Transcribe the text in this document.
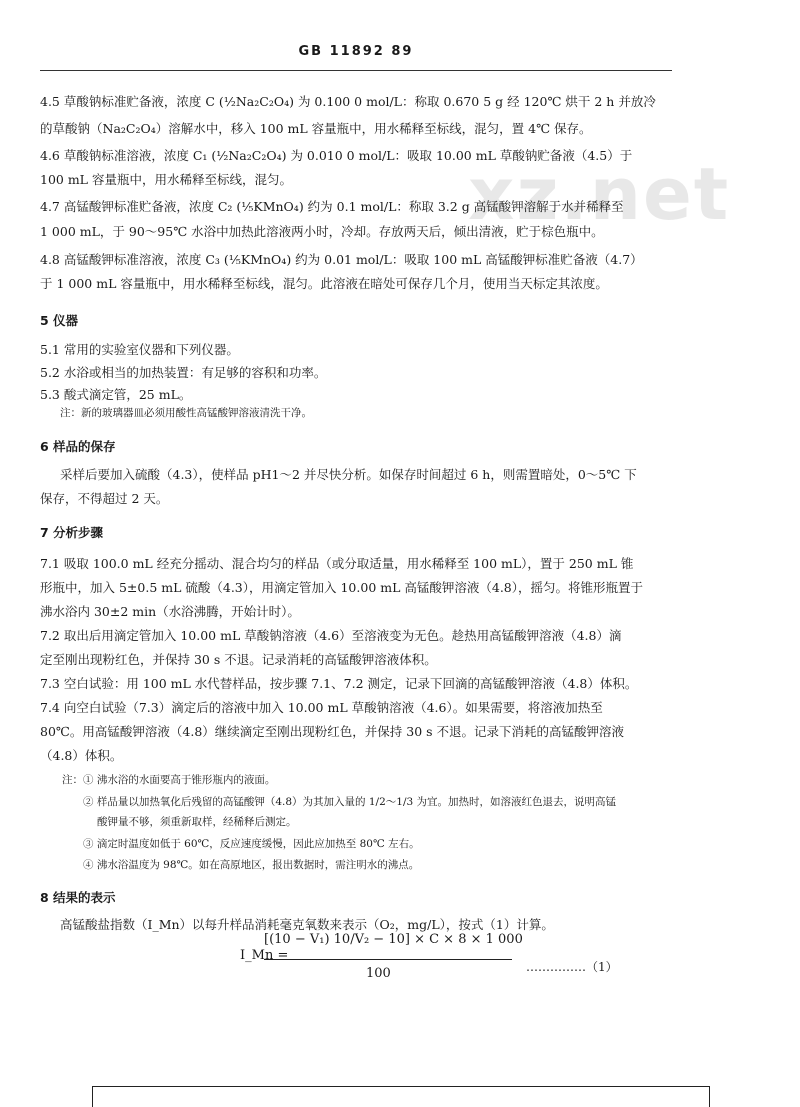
GB 11892 89
xz.net
4.5 草酸钠标准贮备液，浓度 C (½Na₂C₂O₄) 为 0.100 0 mol/L：称取 0.670 5 g 经 120℃ 烘干 2 h 并放冷
的草酸钠（Na₂C₂O₄）溶解水中，移入 100 mL 容量瓶中，用水稀释至标线，混匀，置 4℃ 保存。
4.6 草酸钠标准溶液，浓度 C₁ (½Na₂C₂O₄) 为 0.010 0 mol/L：吸取 10.00 mL 草酸钠贮备液（4.5）于
100 mL 容量瓶中，用水稀释至标线，混匀。
4.7 高锰酸钾标准贮备液，浓度 C₂ (⅕KMnO₄) 约为 0.1 mol/L：称取 3.2 g 高锰酸钾溶解于水并稀释至
1 000 mL，于 90～95℃ 水浴中加热此溶液两小时，冷却。存放两天后，倾出清液，贮于棕色瓶中。
4.8 高锰酸钾标准溶液，浓度 C₃ (⅕KMnO₄) 约为 0.01 mol/L：吸取 100 mL 高锰酸钾标准贮备液（4.7）
于 1 000 mL 容量瓶中，用水稀释至标线，混匀。此溶液在暗处可保存几个月，使用当天标定其浓度。
5 仪器
5.1 常用的实验室仪器和下列仪器。
5.2 水浴或相当的加热装置：有足够的容积和功率。
5.3 酸式滴定管，25 mL。
注：新的玻璃器皿必须用酸性高锰酸钾溶液清洗干净。
6 样品的保存
采样后要加入硫酸（4.3），使样品 pH1～2 并尽快分析。如保存时间超过 6 h，则需置暗处，0～5℃ 下
保存，不得超过 2 天。
7 分析步骤
7.1 吸取 100.0 mL 经充分摇动、混合均匀的样品（或分取适量，用水稀释至 100 mL），置于 250 mL 锥
形瓶中，加入 5±0.5 mL 硫酸（4.3），用滴定管加入 10.00 mL 高锰酸钾溶液（4.8），摇匀。将锥形瓶置于
沸水浴内 30±2 min（水浴沸腾，开始计时）。
7.2 取出后用滴定管加入 10.00 mL 草酸钠溶液（4.6）至溶液变为无色。趁热用高锰酸钾溶液（4.8）滴
定至刚出现粉红色，并保持 30 s 不退。记录消耗的高锰酸钾溶液体积。
7.3 空白试验：用 100 mL 水代替样品，按步骤 7.1、7.2 测定，记录下回滴的高锰酸钾溶液（4.8）体积。
7.4 向空白试验（7.3）滴定后的溶液中加入 10.00 mL 草酸钠溶液（4.6）。如果需要，将溶液加热至
80℃。用高锰酸钾溶液（4.8）继续滴定至刚出现粉红色，并保持 30 s 不退。记录下消耗的高锰酸钾溶液
（4.8）体积。
注：① 沸水浴的水面要高于锥形瓶内的液面。
② 样品量以加热氧化后残留的高锰酸钾（4.8）为其加入量的 1/2～1/3 为宜。加热时，如溶液红色退去，说明高锰
酸钾量不够，须重新取样，经稀释后测定。
③ 滴定时温度如低于 60℃，反应速度缓慢，因此应加热至 80℃ 左右。
④ 沸水浴温度为 98℃。如在高原地区，报出数据时，需注明水的沸点。
8 结果的表示
高锰酸盐指数（I_Mn）以每升样品消耗毫克氧数来表示（O₂，mg/L），按式（1）计算。
I_Mn =
[(10 − V₁) 10/V₂ − 10] × C × 8 × 1 000
100	……………（1）
